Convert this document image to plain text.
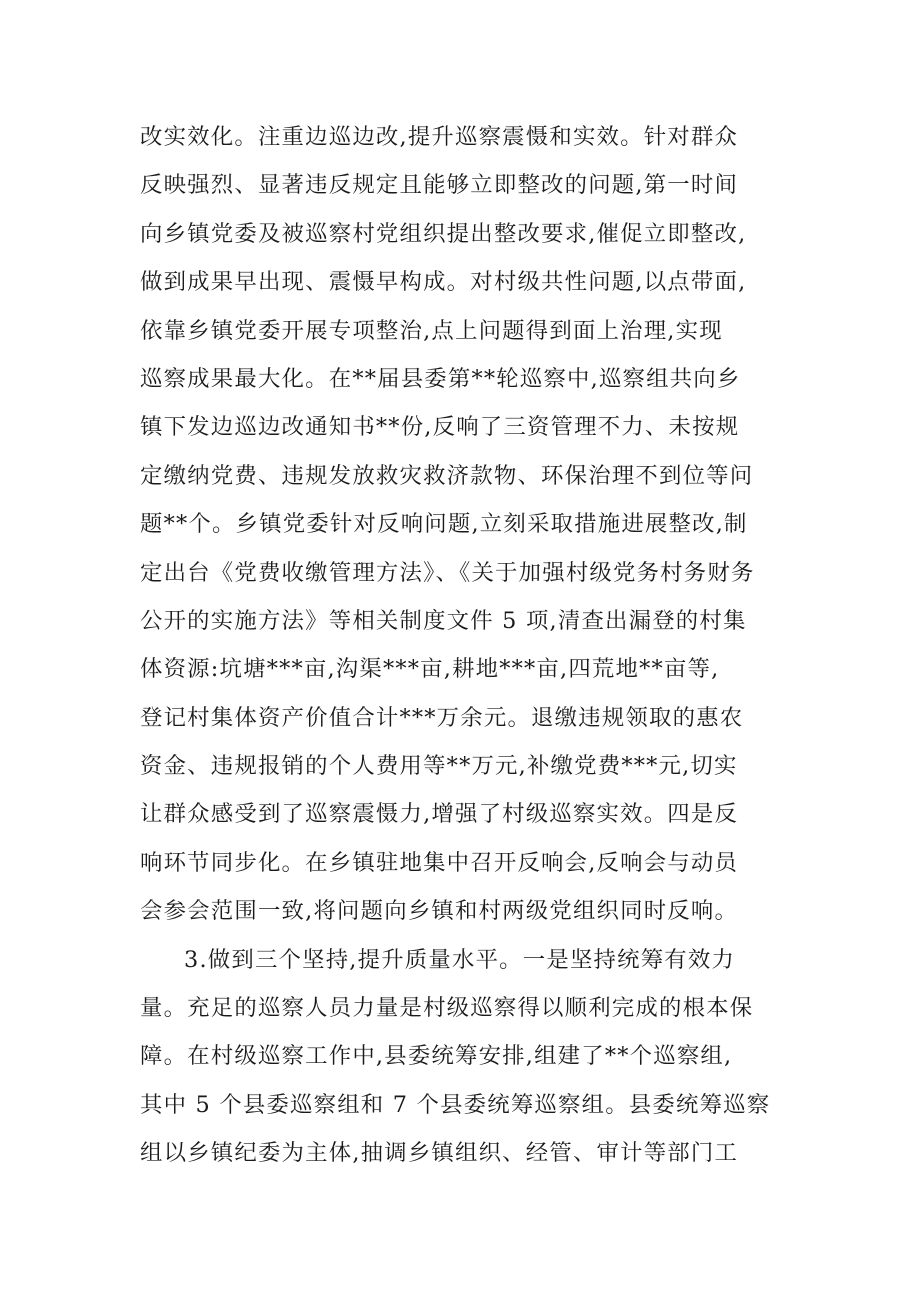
改实效化。注重边巡边改,提升巡察震慑和实效。针对群众
反映强烈、显著违反规定且能够立即整改的问题,第一时间
向乡镇党委及被巡察村党组织提出整改要求,催促立即整改,
做到成果早出现、震慑早构成。对村级共性问题,以点带面,
依靠乡镇党委开展专项整治,点上问题得到面上治理,实现
巡察成果最大化。在**届县委第**轮巡察中,巡察组共向乡
镇下发边巡边改通知书**份,反响了三资管理不力、未按规
定缴纳党费、违规发放救灾救济款物、环保治理不到位等问
题**个。乡镇党委针对反响问题,立刻采取措施进展整改,制
定出台《党费收缴管理方法》、《关于加强村级党务村务财务
公开的实施方法》等相关制度文件 5 项,清查出漏登的村集
体资源:坑塘***亩,沟渠***亩,耕地***亩,四荒地**亩等,
登记村集体资产价值合计***万余元。退缴违规领取的惠农
资金、违规报销的个人费用等**万元,补缴党费***元,切实
让群众感受到了巡察震慑力,增强了村级巡察实效。四是反
响环节同步化。在乡镇驻地集中召开反响会,反响会与动员
会参会范围一致,将问题向乡镇和村两级党组织同时反响。
3.做到三个坚持,提升质量水平。一是坚持统筹有效力
量。充足的巡察人员力量是村级巡察得以顺利完成的根本保
障。在村级巡察工作中,县委统筹安排,组建了**个巡察组,
其中 5 个县委巡察组和 7 个县委统筹巡察组。县委统筹巡察
组以乡镇纪委为主体,抽调乡镇组织、经管、审计等部门工
